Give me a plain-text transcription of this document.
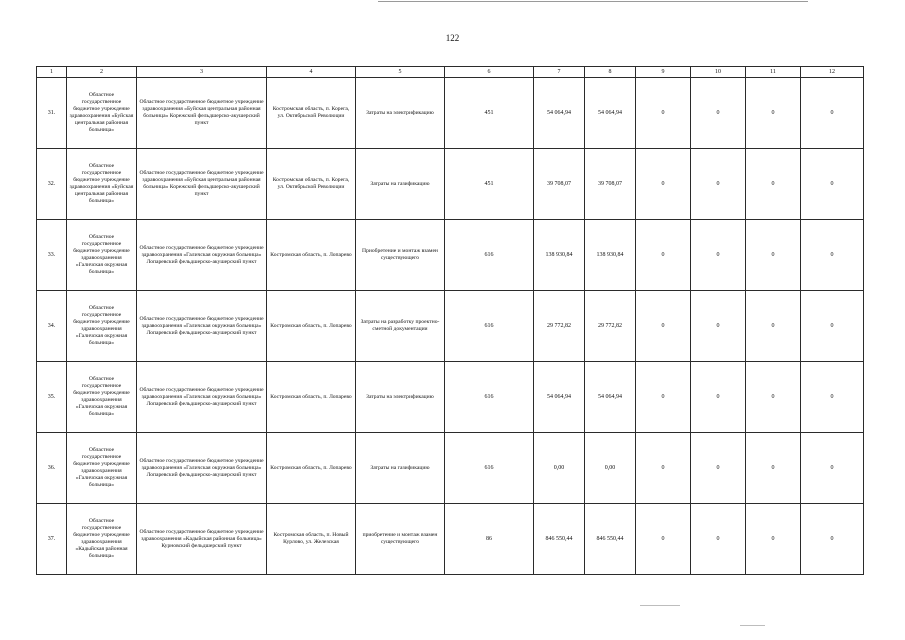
122
1	2	3	4	5	6	7	8	9	10	11	12
31.	Областное государственное бюджетное учреждение здравоохранения «Буйская центральная районная больница»	Областное государственное бюджетное учреждение здравоохранения «Буйская центральная районная больница» Корежский фельдшерско-акушерский пункт	Костромская область, п. Корега, ул. Октябрьской Революции	Затраты на электрификацию	451	54 064,94	54 064,94	0	0	0	0
32.	Областное государственное бюджетное учреждение здравоохранения «Буйская центральная районная больница»	Областное государственное бюджетное учреждение здравоохранения «Буйская центральная районная больница» Корежский фельдшерско-акушерский пункт	Костромская область, п. Корега, ул. Октябрьской Революции	Затраты на газификацию	451	39 708,07	39 708,07	0	0	0	0
33.	Областное государственное бюджетное учреждение здравоохранения «Галичская окружная больница»	Областное государственное бюджетное учреждение здравоохранения «Галичская окружная больница» Лопаревский фельдшерско-акушерский пункт	Костромская область, п. Лопарево	Приобретение и монтаж взамен существующего	616	138 930,84	138 930,84	0	0	0	0
34.	Областное государственное бюджетное учреждение здравоохранения «Галичская окружная больница»	Областное государственное бюджетное учреждение здравоохранения «Галичская окружная больница» Лопаревский фельдшерско-акушерский пункт	Костромская область, п. Лопарево	Затраты на разработку проектно-сметной документации	616	29 772,82	29 772,82	0	0	0	0
35.	Областное государственное бюджетное учреждение здравоохранения «Галичская окружная больница»	Областное государственное бюджетное учреждение здравоохранения «Галичская окружная больница» Лопаревский фельдшерско-акушерский пункт	Костромская область, п. Лопарево	Затраты на электрификацию	616	54 064,94	54 064,94	0	0	0	0
36.	Областное государственное бюджетное учреждение здравоохранения «Галичская окружная больница»	Областное государственное бюджетное учреждение здравоохранения «Галичская окружная больница» Лопаревский фельдшерско-акушерский пункт	Костромская область, п. Лопарево	Затраты на газификацию	616	0,00	0,00	0	0	0	0
37.	Областное государственное бюджетное учреждение здравоохранения «Кадыйская районная больница»	Областное государственное бюджетное учреждение здравоохранения «Кадыйская районная больница» Курновский фельдшерский пункт	Костромская область, п. Новый Курлово, ул. Железская	приобретение и монтаж взамен существующего	86	846 550,44	846 550,44	0	0	0	0
